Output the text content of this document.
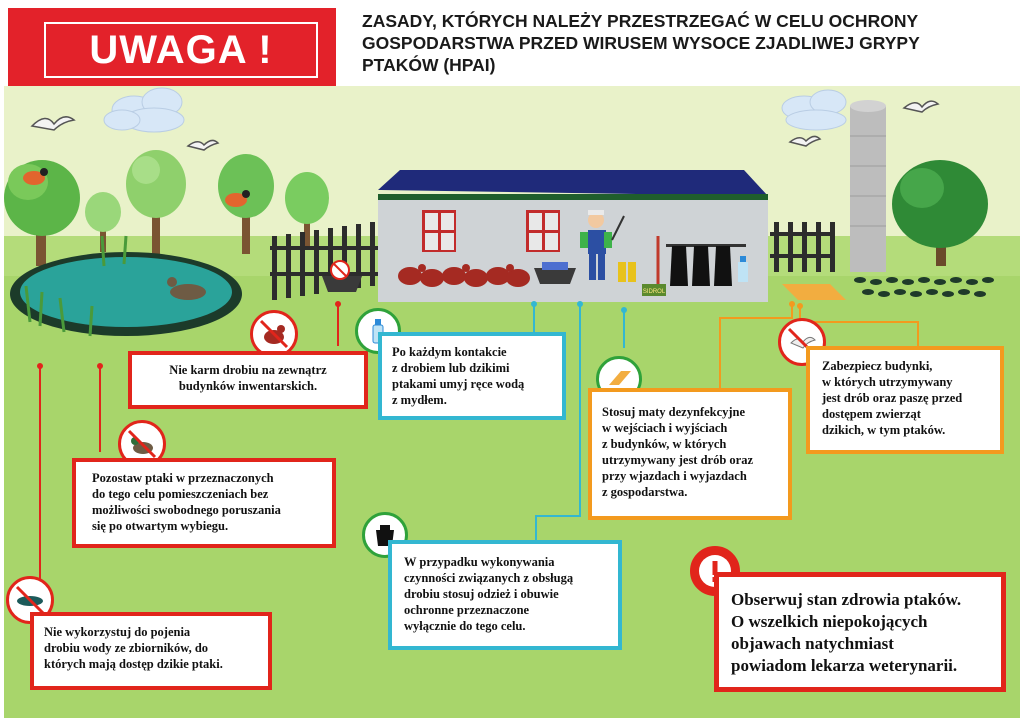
UWAGA !
ZASADY, KTÓRYCH NALEŻY PRZESTRZEGAĆ W CELU OCHRONY
GOSPODARSTWA PRZED WIRUSEM WYSOCE ZJADLIWEJ GRYPY
PTAKÓW (HPAI)
SIDROL

Nie karm drobiu na zewnątrz
budynków inwentarskich.

Po każdym kontakcie
z drobiem lub dzikimi
ptakami umyj ręce wodą
z mydłem.

Stosuj maty dezynfekcyjne
w wejściach i wyjściach
z budynków, w których
utrzymywany jest drób oraz
przy wjazdach i wyjazdach
z gospodarstwa.

Zabezpiecz budynki,
w których utrzymywany
jest drób oraz paszę przed
dostępem zwierząt
dzikich, w tym ptaków.

Pozostaw ptaki w przeznaczonych
do tego celu pomieszczeniach bez
możliwości swobodnego poruszania
się po otwartym wybiegu.

W przypadku wykonywania
czynności związanych z obsługą
drobiu stosuj odzież i obuwie
ochronne przeznaczone
wyłącznie do tego celu.

Nie wykorzystuj do pojenia
drobiu wody ze zbiorników, do
których mają dostęp dzikie ptaki.

Obserwuj stan zdrowia ptaków.
O wszelkich niepokojących
objawach natychmiast
powiadom lekarza weterynarii.
